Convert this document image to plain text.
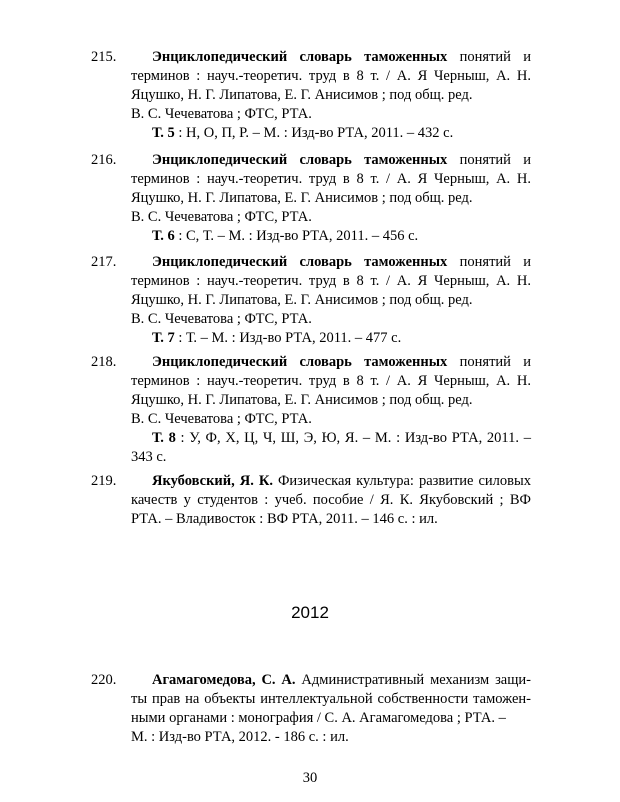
215.	Энциклопедический словарь таможенных понятий и
терминов : науч.-теоретич. труд в 8 т. / А. Я Черныш, А. Н.
Яцушко, Н. Г. Липатова, Е. Г. Анисимов ; под общ. ред.
В. С. Чечеватова ; ФТС, РТА.
Т. 5 : Н, О, П, Р. – М. : Изд-во РТА, 2011. – 432 с.
216.	Энциклопедический словарь таможенных понятий и
терминов : науч.-теоретич. труд в 8 т. / А. Я Черныш, А. Н.
Яцушко, Н. Г. Липатова, Е. Г. Анисимов ; под общ. ред.
В. С. Чечеватова ; ФТС, РТА.
Т. 6 : С, Т. – М. : Изд-во РТА, 2011. – 456 с.
217.	Энциклопедический словарь таможенных понятий и
терминов : науч.-теоретич. труд в 8 т. / А. Я Черныш, А. Н.
Яцушко, Н. Г. Липатова, Е. Г. Анисимов ; под общ. ред.
В. С. Чечеватова ; ФТС, РТА.
Т. 7 : Т. – М. : Изд-во РТА, 2011. – 477 с.
218.	Энциклопедический словарь таможенных понятий и
терминов : науч.-теоретич. труд в 8 т. / А. Я Черныш, А. Н.
Яцушко, Н. Г. Липатова, Е. Г. Анисимов ; под общ. ред.
В. С. Чечеватова ; ФТС, РТА.
Т. 8 : У, Ф, Х, Ц, Ч, Ш, Э, Ю, Я. – М. : Изд-во РТА, 2011. –
343 с.
219.	Якубовский, Я. К. Физическая культура: развитие силовых
качеств у студентов : учеб. пособие / Я. К. Якубовский ; ВФ
РТА. – Владивосток : ВФ РТА, 2011. – 146 с. : ил.
2012
220.	Агамагомедова, С. А. Административный механизм защи-
ты прав на объекты интеллектуальной собственности таможен-
ными органами : монография / С. А. Агамагомедова ; РТА. –
М. : Изд-во РТА, 2012. - 186 с. : ил.
30
